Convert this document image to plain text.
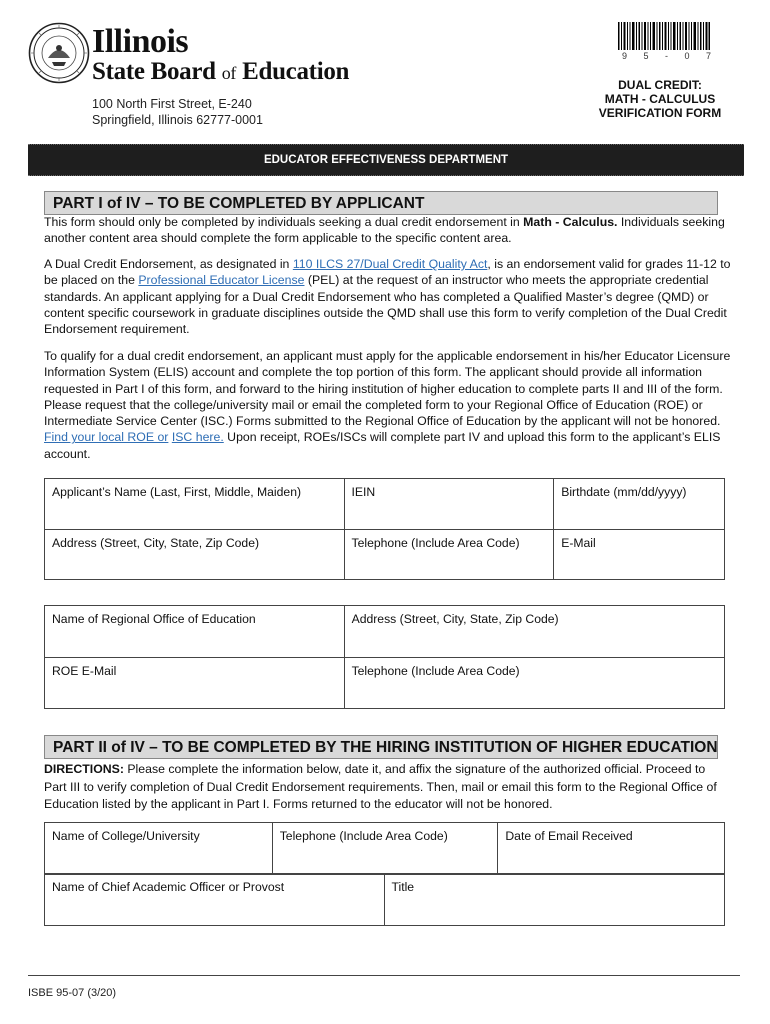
Illinois
State Board of Education
100 North First Street, E-240
Springfield, Illinois 62777-0001
9 5 - 0 7
DUAL CREDIT:
MATH - CALCULUS
VERIFICATION FORM
EDUCATOR EFFECTIVENESS DEPARTMENT
PART I of IV – TO BE COMPLETED BY APPLICANT
This form should only be completed by individuals seeking a dual credit endorsement in Math - Calculus. Individuals seeking another content area should complete the form applicable to the specific content area.
A Dual Credit Endorsement, as designated in 110 ILCS 27/Dual Credit Quality Act, is an endorsement valid for grades 11-12 to be placed on the Professional Educator License (PEL) at the request of an instructor who meets the appropriate credential standards. An applicant applying for a Dual Credit Endorsement who has completed a Qualified Master’s degree (QMD) or content specific coursework in graduate disciplines outside the QMD shall use this form to verify completion of the Dual Credit Endorsement requirement.
To qualify for a dual credit endorsement, an applicant must apply for the applicable endorsement in his/her Educator Licensure Information System (ELIS) account and complete the top portion of this form. The applicant should provide all information requested in Part I of this form, and forward to the hiring institution of higher education to complete parts II and III of the form. Please request that the college/university mail or email the completed form to your Regional Office of Education (ROE) or Intermediate Service Center (ISC.) Forms submitted to the Regional Office of Education by the applicant will not be honored. Find your local ROE or ISC here. Upon receipt, ROEs/ISCs will complete part IV and upload this form to the applicant’s ELIS account.
Applicant’s Name (Last, First, Middle, Maiden)	IEIN	Birthdate (mm/dd/yyyy)
Address (Street, City, State, Zip Code)	Telephone (Include Area Code)	E-Mail
Name of Regional Office of Education	Address (Street, City, State, Zip Code)
ROE E-Mail	Telephone (Include Area Code)
PART II of IV – TO BE COMPLETED BY THE HIRING INSTITUTION OF HIGHER EDUCATION
DIRECTIONS: Please complete the information below, date it, and affix the signature of the authorized official. Proceed to Part III to verify completion of Dual Credit Endorsement requirements. Then, mail or email this form to the Regional Office of Education listed by the applicant in Part I. Forms returned to the educator will not be honored.
Name of College/University	Telephone (Include Area Code)	Date of Email Received
Name of Chief Academic Officer or Provost	Title
ISBE 95-07 (3/20)
